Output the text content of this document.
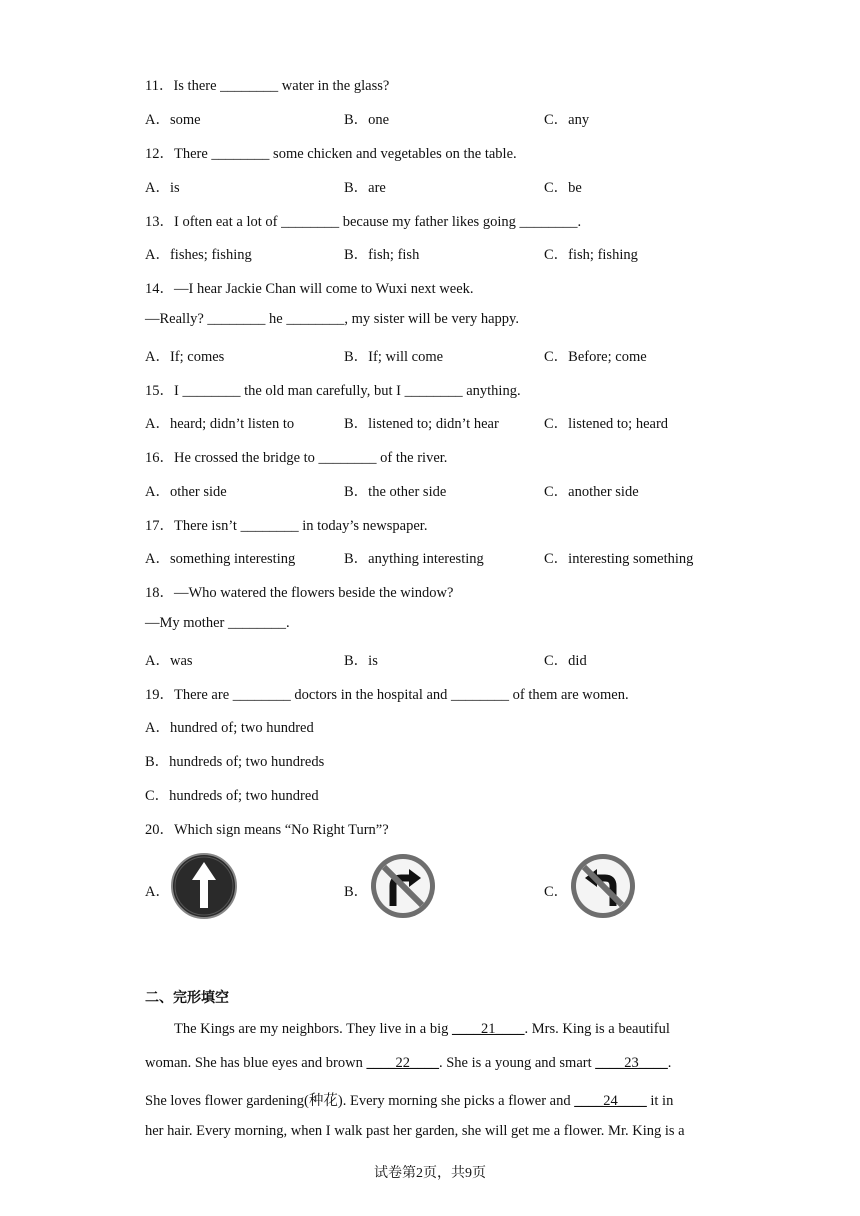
11．Is there ________ water in the glass?
A．some	B．one	C．any
12．There ________ some chicken and vegetables on the table.
A．is	B．are	C．be
13．I often eat a lot of ________ because my father likes going ________.
A．fishes; fishing	B．fish; fish	C．fish; fishing
14．—I hear Jackie Chan will come to Wuxi next week.
—Really? ________ he ________, my sister will be very happy.
A．If; comes	B．If; will come	C．Before; come
15．I ________ the old man carefully, but I ________ anything.
A．heard; didn’t listen to	B．listened to; didn’t hear	C．listened to; heard
16．He crossed the bridge to ________ of the river.
A．other side	B．the other side	C．another side
17．There isn’t ________ in today’s newspaper.
A．something interesting	B．anything interesting	C．interesting something
18．—Who watered the flowers beside the window?
—My mother ________.
A．was	B．is	C．did
19．There are ________ doctors in the hospital and ________ of them are women.
A．hundred of; two hundred
B．hundreds of; two hundreds
C．hundreds of; two hundred
20．Which sign means “No Right Turn”?
A．	B．	C．
二、完形填空
The Kings are my neighbors. They live in a big ____21____. Mrs. King is a beautiful
woman. She has blue eyes and brown ____22____. She is a young and smart ____23____.
She loves flower gardening(种花). Every morning she picks a flower and ____24____ it in
her hair. Every morning, when I walk past her garden, she will get me a flower. Mr. King is a
试卷第2页，共9页
